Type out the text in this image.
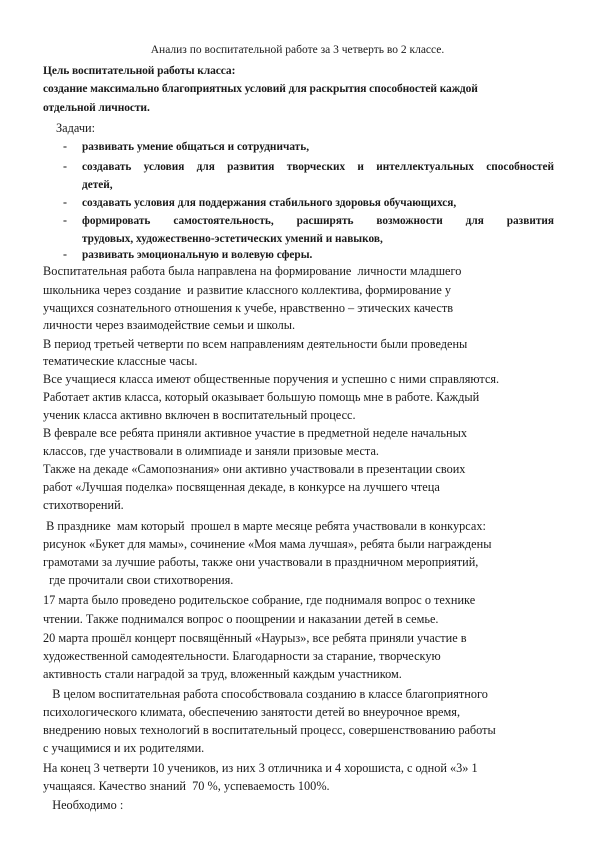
Анализ по воспитательной работе за 3 четверть во 2 классе.
Цель воспитательной работы класса:
создание максимально благоприятных условий для раскрытия способностей каждой
отдельной личности.
Задачи:
- развивать умение общаться и сотрудничать,
- создавать условия для развития творческих и интеллектуальных способностей
детей,
- создавать условия для поддержания стабильного здоровья обучающихся,
- формировать самостоятельность, расширять возможности для развития
трудовых, художественно-эстетических умений и навыков,
- развивать эмоциональную и волевую сферы.
Воспитательная работа была направлена на формирование  личности младшего
школьника через создание  и развитие классного коллектива, формирование у
учащихся сознательного отношения к учебе, нравственно – этических качеств
личности через взаимодействие семьи и школы.
В период третьей четверти по всем направлениям деятельности были проведены
тематические классные часы.
Все учащиеся класса имеют общественные поручения и успешно с ними справляются.
Работает актив класса, который оказывает большую помощь мне в работе. Каждый
ученик класса активно включен в воспитательный процесс.
В феврале все ребята приняли активное участие в предметной неделе начальных
классов, где участвовали в олимпиаде и заняли призовые места.
Также на декаде «Самопознания» они активно участвовали в презентации своих
работ «Лучшая поделка» посвященная декаде, в конкурсе на лучшего чтеца
стихотворений.
В празднике  мам который  прошел в марте месяце ребята участвовали в конкурсах:
рисунок «Букет для мамы», сочинение «Моя мама лучшая», ребята были награждены
грамотами за лучшие работы, также они участвовали в праздничном мероприятий,
где прочитали свои стихотворения.
17 марта было проведено родительское собрание, где поднималя вопрос о технике
чтении. Также поднимался вопрос о поощрении и наказании детей в семье.
20 марта прошёл концерт посвящённый «Наурыз», все ребята приняли участие в
художественной самодеятельности. Благодарности за старание, творческую
активность стали наградой за труд, вложенный каждым участником.
В целом воспитательная работа способствовала созданию в классе благоприятного
психологического климата, обеспечению занятости детей во внеурочное время,
внедрению новых технологий в воспитательный процесс, совершенствованию работы
с учащимися и их родителями.
На конец 3 четверти 10 учеников, из них 3 отличника и 4 хорошиста, с одной «3» 1
учащаяся. Качество знаний  70 %, успеваемость 100%.
Необходимо :
